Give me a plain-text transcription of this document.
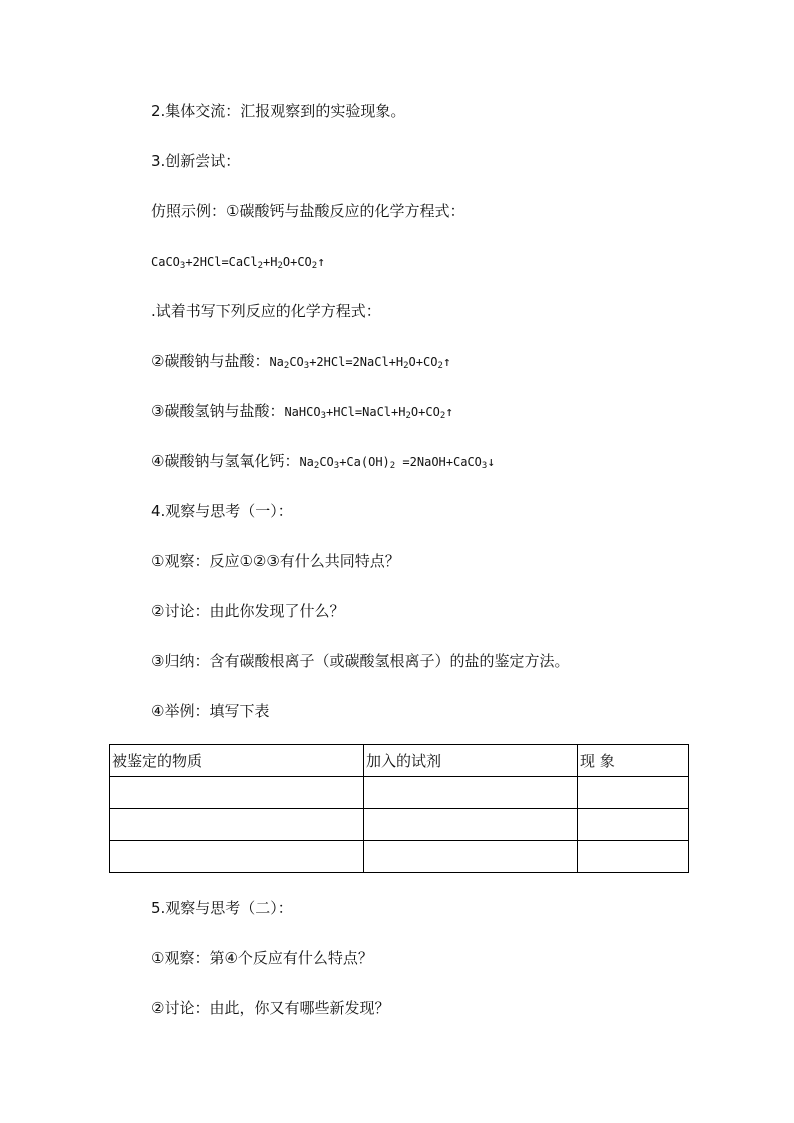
2.集体交流：汇报观察到的实验现象。
3.创新尝试：
仿照示例：①碳酸钙与盐酸反应的化学方程式：
$CaCO_3+2HCl=CaCl_2+H_2O+CO_2↑$
.试着书写下列反应的化学方程式：
②碳酸钠与盐酸：$Na_2CO_3+2HCl=2NaCl+H_2O+CO_2↑$
③碳酸氢钠与盐酸：$NaHCO_3+HCl=NaCl+H_2O+CO_2↑$
④碳酸钠与氢氧化钙：$Na_2CO_3+Ca(OH)_2$ =2NaOH+CaCO$_3$↓
4.观察与思考（一）：
①观察：反应①②③有什么共同特点？
②讨论：由此你发现了什么？
③归纳：含有碳酸根离子（或碳酸氢根离子）的盐的鉴定方法。
④举例：填写下表
被鉴定的物质	加入的试剂	现 象

5.观察与思考（二）：
①观察：第④个反应有什么特点？
②讨论：由此，你又有哪些新发现？
